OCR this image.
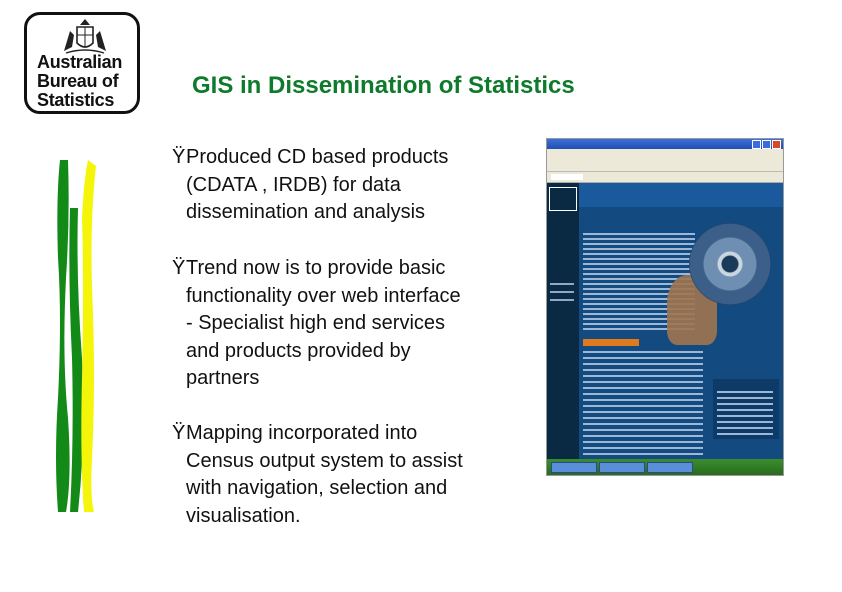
Australian
Bureau of
Statistics
GIS in Dissemination of Statistics
ŸProduced CD based products
(CDATA , IRDB) for data
dissemination and analysis
ŸTrend now is to provide basic
functionality over web interface
- Specialist high end services
and products provided by
partners
ŸMapping incorporated into
Census output system to assist
with navigation, selection and
visualisation.
